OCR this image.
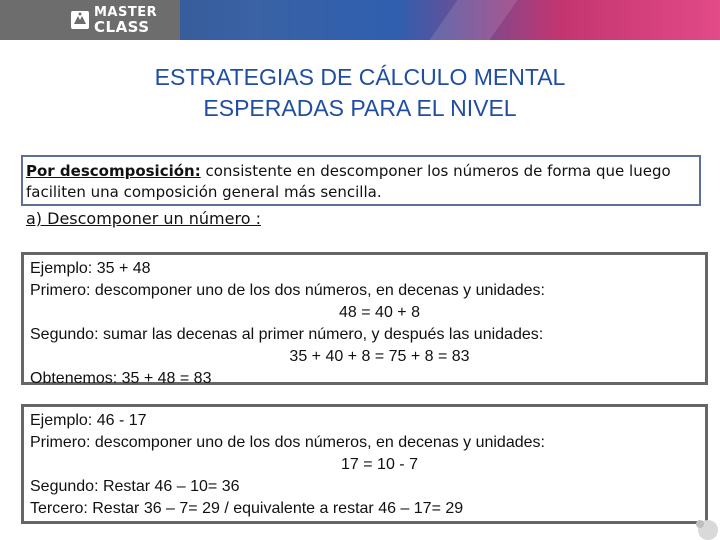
MASTER
CLASS
ESTRATEGIAS DE CÁLCULO MENTAL
ESPERADAS PARA EL NIVEL
Por descomposición: consistente en descomponer los números de forma que luego
faciliten una composición general más sencilla.
a) Descomponer un número :
Ejemplo: 35 + 48
Primero: descomponer uno de los dos números, en decenas y unidades:
48 = 40 + 8
Segundo: sumar las decenas al primer número, y después las unidades:
35 + 40 + 8 = 75 + 8 = 83
Obtenemos: 35 + 48 = 83
Ejemplo: 46 - 17
Primero: descomponer uno de los dos números, en decenas y unidades:
17 = 10 - 7
Segundo: Restar 46 – 10= 36
Tercero: Restar 36 – 7= 29 / equivalente a restar 46 – 17= 29
